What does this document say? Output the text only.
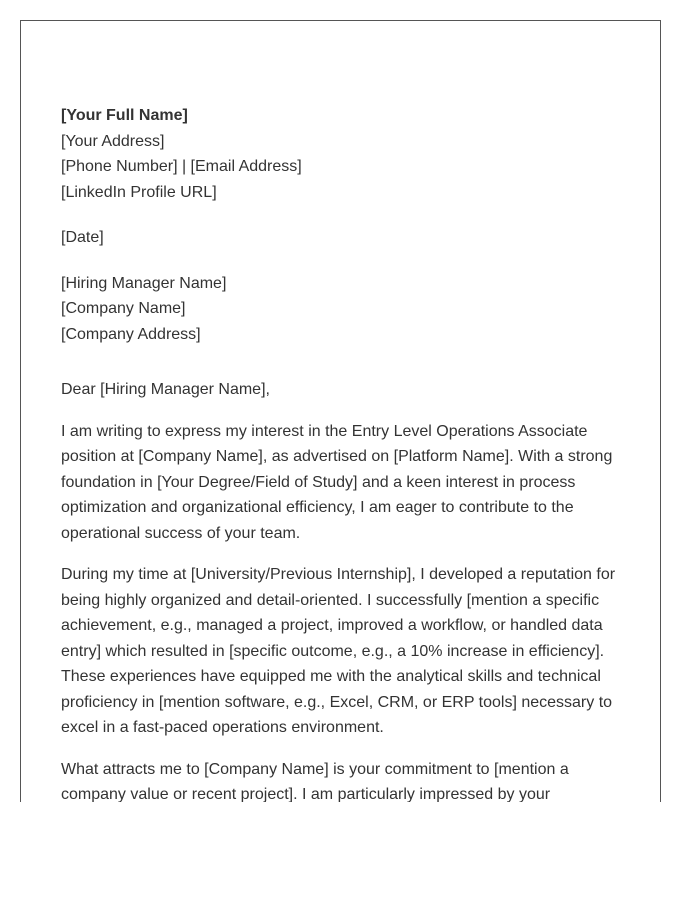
[Your Full Name]
[Your Address]
[Phone Number] | [Email Address]
[LinkedIn Profile URL]
[Date]
[Hiring Manager Name]
[Company Name]
[Company Address]

Dear [Hiring Manager Name],

I am writing to express my interest in the Entry Level Operations Associate position at [Company Name], as advertised on [Platform Name]. With a strong foundation in [Your Degree/Field of Study] and a keen interest in process optimization and organizational efficiency, I am eager to contribute to the operational success of your team.

During my time at [University/Previous Internship], I developed a reputation for being highly organized and detail-oriented. I successfully [mention a specific achievement, e.g., managed a project, improved a workflow, or handled data entry] which resulted in [specific outcome, e.g., a 10% increase in efficiency]. These experiences have equipped me with the analytical skills and technical proficiency in [mention software, e.g., Excel, CRM, or ERP tools] necessary to excel in a fast-paced operations environment.

What attracts me to [Company Name] is your commitment to [mention a company value or recent project]. I am particularly impressed by your
